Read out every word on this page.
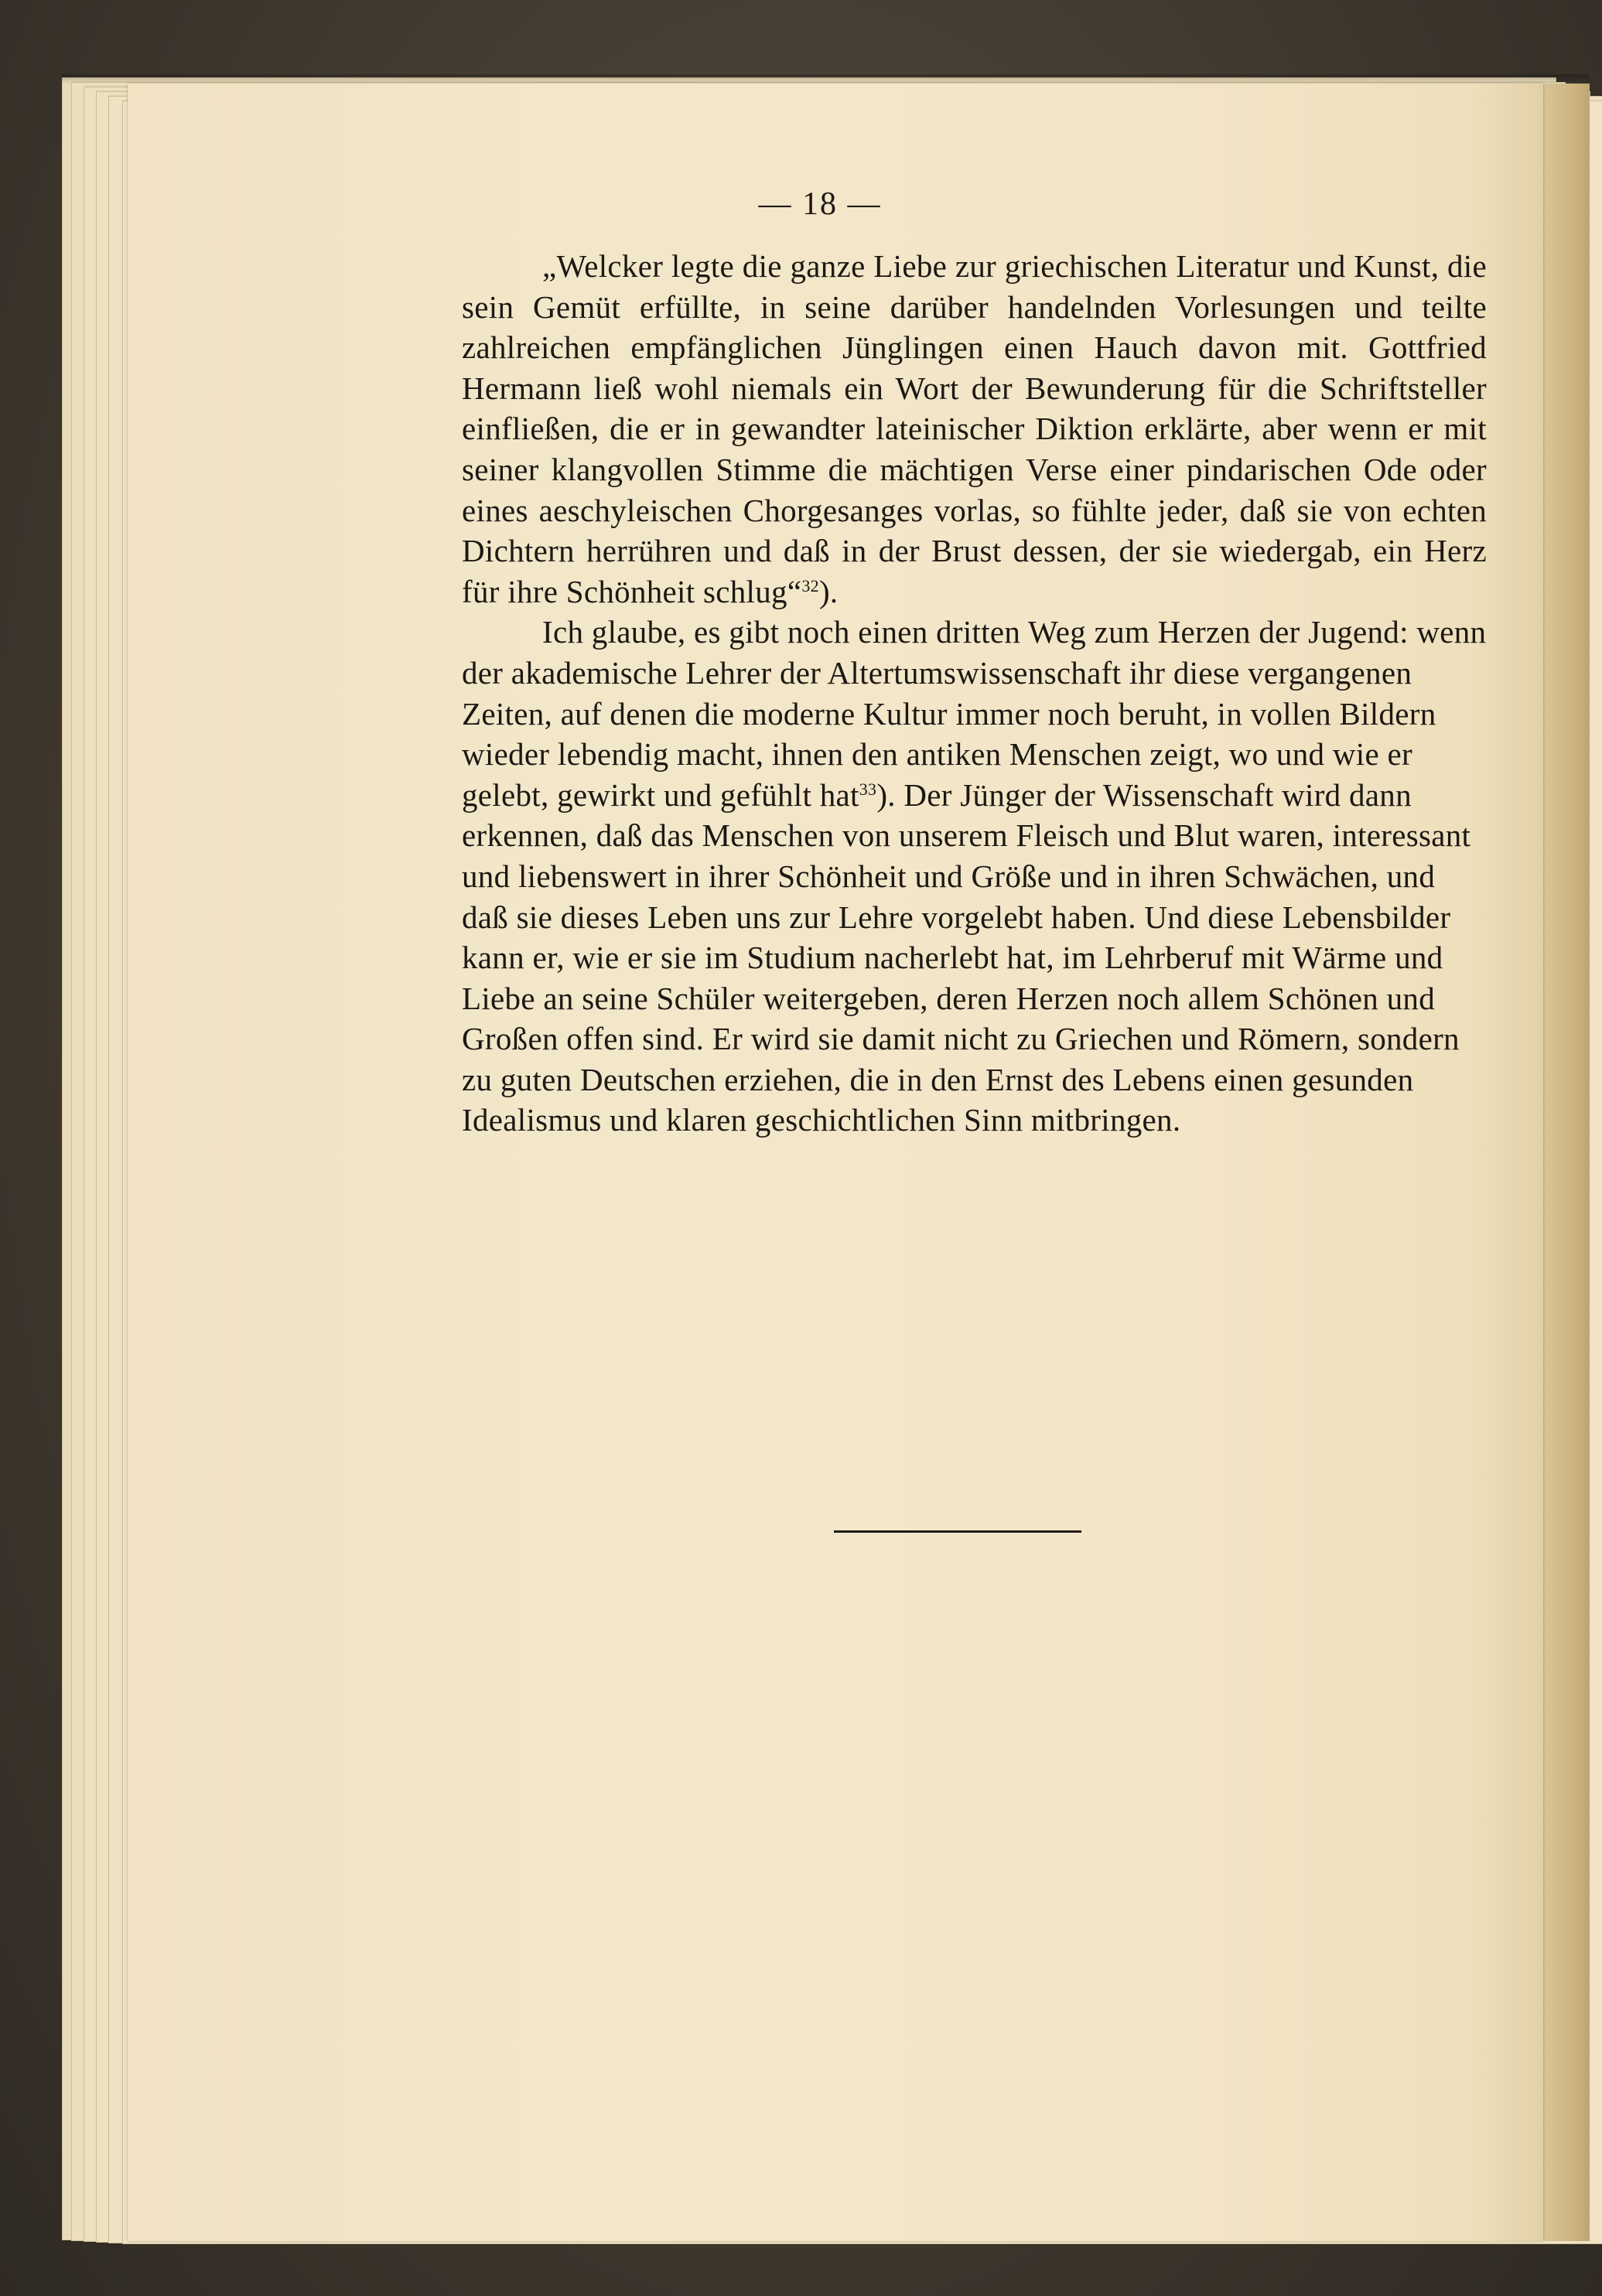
— 18 —

„Welcker legte die ganze Liebe zur griechischen Literatur und Kunst, die sein Gemüt erfüllte, in seine darüber handelnden Vorlesungen und teilte zahlreichen empfänglichen Jünglingen einen Hauch davon mit. Gottfried Hermann ließ wohl niemals ein Wort der Bewunderung für die Schriftsteller einfließen, die er in gewandter lateinischer Diktion erklärte, aber wenn er mit seiner klangvollen Stimme die mächtigen Verse einer pindarischen Ode oder eines aeschyleischen Chorgesanges vorlas, so fühlte jeder, daß sie von echten Dichtern herrühren und daß in der Brust dessen, der sie wiedergab, ein Herz für ihre Schönheit schlug“$^{32}$).

Ich glaube, es gibt noch einen dritten Weg zum Herzen der Jugend: wenn der akademische Lehrer der Altertumswissenschaft ihr diese vergangenen Zeiten, auf denen die moderne Kultur immer noch beruht, in vollen Bildern wieder lebendig macht, ihnen den antiken Menschen zeigt, wo und wie er gelebt, gewirkt und gefühlt hat$^{33}$). Der Jünger der Wissenschaft wird dann erkennen, daß das Menschen von unserem Fleisch und Blut waren, interessant und liebenswert in ihrer Schönheit und Größe und in ihren Schwächen, und daß sie dieses Leben uns zur Lehre vorgelebt haben. Und diese Lebensbilder kann er, wie er sie im Studium nacherlebt hat, im Lehrberuf mit Wärme und Liebe an seine Schüler weitergeben, deren Herzen noch allem Schönen und Großen offen sind. Er wird sie damit nicht zu Griechen und Römern, sondern zu guten Deutschen erziehen, die in den Ernst des Lebens einen gesunden Idealismus und klaren geschichtlichen Sinn mitbringen.
